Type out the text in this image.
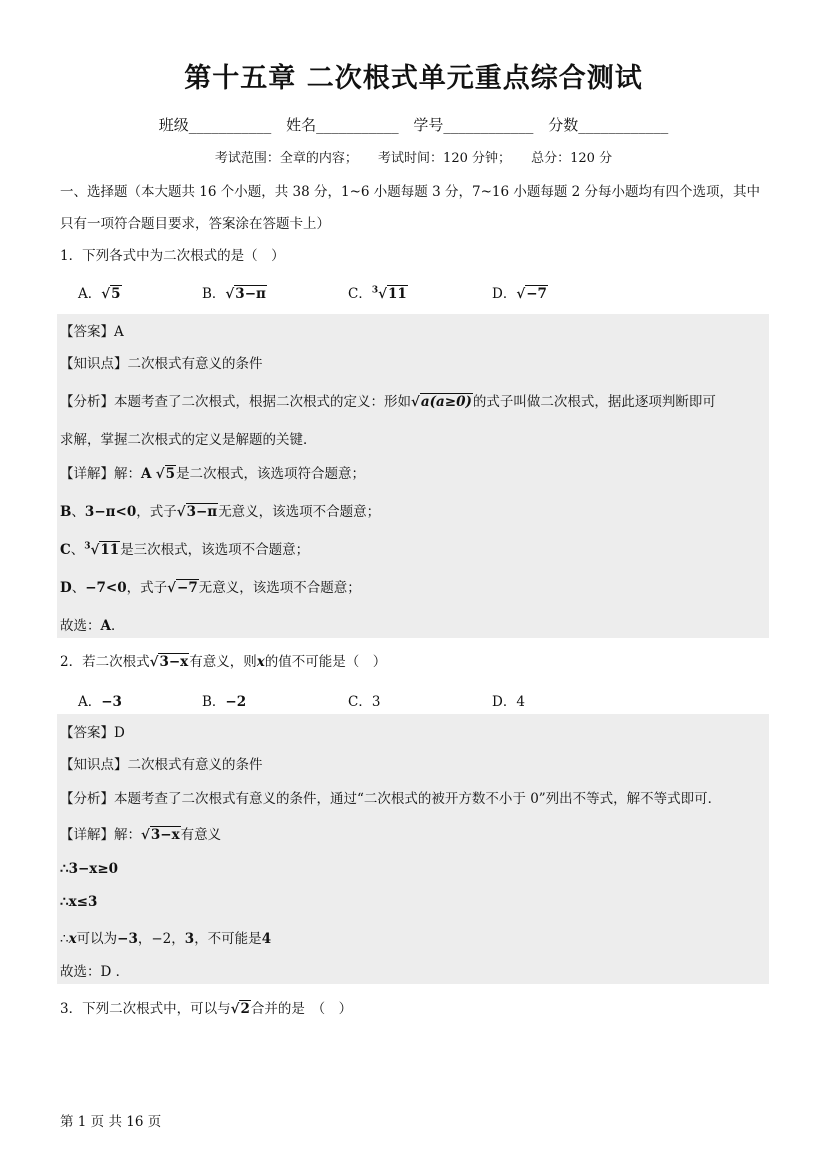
第十五章 二次根式单元重点综合测试
班级___________ 姓名___________ 学号____________ 分数____________
考试范围：全章的内容； 考试时间：120 分钟； 总分：120 分
一、选择题（本大题共 16 个小题，共 38 分，1~6 小题每题 3 分，7~16 小题每题 2 分每小题均有四个选项，其中只有一项符合题目要求，答案涂在答题卡上）
1．下列各式中为二次根式的是（　）
A．√5	B．√3−π	C．$^3$√11	D．√−7
【答案】A
【知识点】二次根式有意义的条件
【分析】本题考查了二次根式，根据二次根式的定义：形如√a(a≥0)的式子叫做二次根式，据此逐项判断即可
求解，掌握二次根式的定义是解题的关键．
【详解】解：A √5是二次根式，该选项符合题意；
B、3−π<0，式子√3−π无意义，该选项不合题意；
C、$^3$√11是三次根式，该选项不合题意；
D、−7<0，式子√−7无意义，该选项不合题意；
故选：A．
2．若二次根式√3−x有意义，则x的值不可能是（　）
A．−3	B．−2	C．3	D．4
【答案】D
【知识点】二次根式有意义的条件
【分析】本题考查了二次根式有意义的条件，通过“二次根式的被开方数不小于 0”列出不等式，解不等式即可．
【详解】解：√3−x有意义
∴3−x≥0
∴x≤3
∴x可以为−3，−2，3，不可能是4
故选：D ．
3．下列二次根式中，可以与√2合并的是　（　）
第 1 页 共 16 页
